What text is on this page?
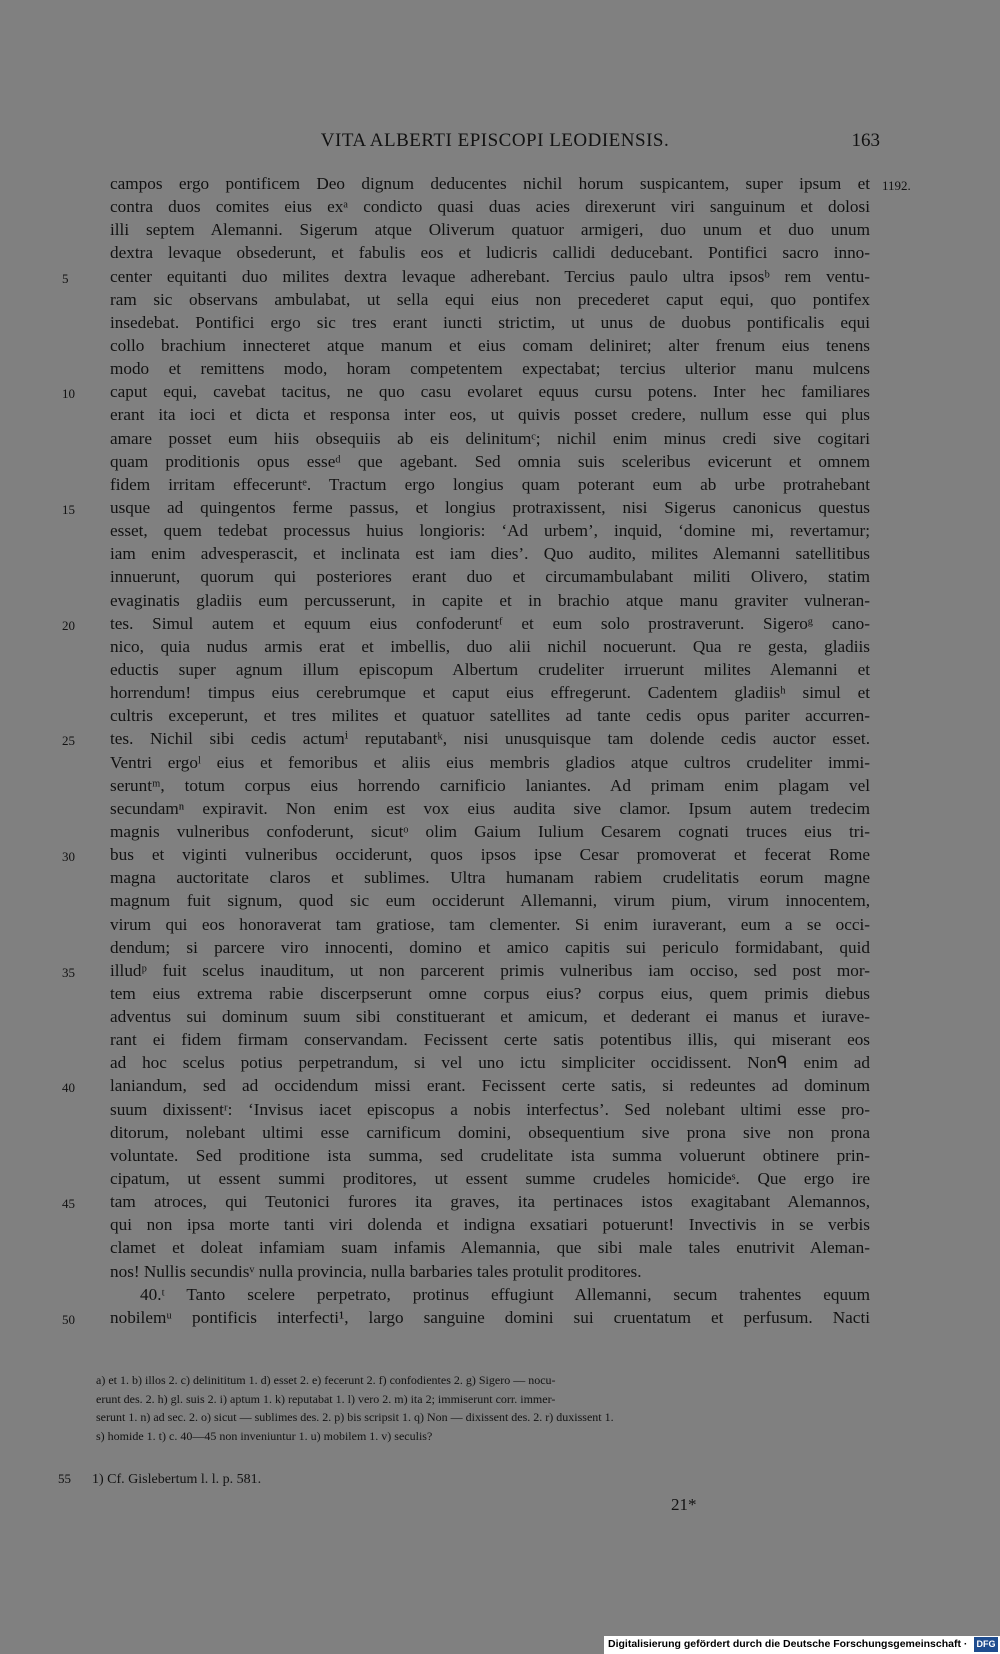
VITA ALBERTI EPISCOPI LEODIENSIS.	163
campos ergo pontificem Deo dignum deducentes nichil horum suspicantem, super ipsum et 1192.
contra duos comites eius exᵃ condicto quasi duas acies direxerunt viri sanguinum et dolosi
illi septem Alemanni. Sigerum atque Oliverum quatuor armigeri, duo unum et duo unum
dextra levaque obsederunt, et fabulis eos et ludicris callidi deducebant. Pontifici sacro inno-
5	center equitanti duo milites dextra levaque adherebant. Tercius paulo ultra ipsosᵇ rem ventu-
ram sic observans ambulabat, ut sella equi eius non precederet caput equi, quo pontifex
insedebat. Pontifici ergo sic tres erant iuncti strictim, ut unus de duobus pontificalis equi
collo brachium innecteret atque manum et eius comam deliniret; alter frenum eius tenens
modo et remittens modo, horam competentem expectabat; tercius ulterior manu mulcens
10	caput equi, cavebat tacitus, ne quo casu evolaret equus cursu potens. Inter hec familiares
erant ita ioci et dicta et responsa inter eos, ut quivis posset credere, nullum esse qui plus
amare posset eum hiis obsequiis ab eis delinitumᶜ; nichil enim minus credi sive cogitari
quam proditionis opus esseᵈ que agebant. Sed omnia suis sceleribus evicerunt et omnem
fidem irritam effeceruntᵉ. Tractum ergo longius quam poterant eum ab urbe protrahebant
15	usque ad quingentos ferme passus, et longius protraxissent, nisi Sigerus canonicus questus
esset, quem tedebat processus huius longioris: ‘Ad urbem’, inquid, ‘domine mi, revertamur;
iam enim advesperascit, et inclinata est iam dies’. Quo audito, milites Alemanni satellitibus
innuerunt, quorum qui posteriores erant duo et circumambulabant militi Olivero, statim
evaginatis gladiis eum percusserunt, in capite et in brachio atque manu graviter vulneran-
20	tes. Simul autem et equum eius confoderuntᶠ et eum solo prostraverunt. Sigeroᵍ cano-
nico, quia nudus armis erat et imbellis, duo alii nichil nocuerunt. Qua re gesta, gladiis
eductis super agnum illum episcopum Albertum crudeliter irruerunt milites Alemanni et
horrendum! timpus eius cerebrumque et caput eius effregerunt. Cadentem gladiisʰ simul et
cultris exceperunt, et tres milites et quatuor satellites ad tante cedis opus pariter accurren-
25	tes. Nichil sibi cedis actumⁱ reputabantᵏ, nisi unusquisque tam dolende cedis auctor esset.
Ventri ergoˡ eius et femoribus et aliis eius membris gladios atque cultros crudeliter immi-
seruntᵐ, totum corpus eius horrendo carnificio laniantes. Ad primam enim plagam vel
secundamⁿ expiravit. Non enim est vox eius audita sive clamor. Ipsum autem tredecim
magnis vulneribus confoderunt, sicutᵒ olim Gaium Iulium Cesarem cognati truces eius tri-
30	bus et viginti vulneribus occiderunt, quos ipsos ipse Cesar promoverat et fecerat Rome
magna auctoritate claros et sublimes. Ultra humanam rabiem crudelitatis eorum magne
magnum fuit signum, quod sic eum occiderunt Allemanni, virum pium, virum innocentem,
virum qui eos honoraverat tam gratiose, tam clementer. Si enim iuraverant, eum a se occi-
dendum; si parcere viro innocenti, domino et amico capitis sui periculo formidabant, quid
35	illudᵖ fuit scelus inauditum, ut non parcerent primis vulneribus iam occiso, sed post mor-
tem eius extrema rabie discerpserunt omne corpus eius? corpus eius, quem primis diebus
adventus sui dominum suum sibi constituerant et amicum, et dederant ei manus et iurave-
rant ei fidem firmam conservandam. Fecissent certe satis potentibus illis, qui miserant eos
ad hoc scelus potius perpetrandum, si vel uno ictu simpliciter occidissent. Nonᑫ enim ad
40	laniandum, sed ad occidendum missi erant. Fecissent certe satis, si redeuntes ad dominum
suum dixissentʳ: ‘Invisus iacet episcopus a nobis interfectus’. Sed nolebant ultimi esse pro-
ditorum, nolebant ultimi esse carnificum domini, obsequentium sive prona sive non prona
voluntate. Sed proditione ista summa, sed crudelitate ista summa voluerunt obtinere prin-
cipatum, ut essent summi proditores, ut essent summe crudeles homicideˢ. Que ergo ire
45	tam atroces, qui Teutonici furores ita graves, ita pertinaces istos exagitabant Alemannos,
qui non ipsa morte tanti viri dolenda et indigna exsatiari potuerunt! Invectivis in se verbis
clamet et doleat infamiam suam infamis Alemannia, que sibi male tales enutrivit Aleman-
nos! Nullis secundisᵛ nulla provincia, nulla barbaries tales protulit proditores.
40.ᵗ Tanto scelere perpetrato, protinus effugiunt Allemanni, secum trahentes equum
50	nobilemᵘ pontificis interfecti¹, largo sanguine domini sui cruentatum et perfusum. Nacti
a) et 1. b) illos 2. c) delinititum 1. d) esset 2. e) fecerunt 2. f) confodientes 2. g) Sigero — nocu-
erunt des. 2. h) gl. suis 2. i) aptum 1. k) reputabat 1. l) vero 2. m) ita 2; immiserunt corr. immer-
serunt 1. n) ad sec. 2. o) sicut — sublimes des. 2. p) bis scripsit 1. q) Non — dixissent des. 2. r) duxissent 1.
s) homide 1. t) c. 40—45 non inveniuntur 1. u) mobilem 1. v) seculis?
55 1) Cf. Gislebertum l. l. p. 581.
21*
Digitalisierung gefördert durch die Deutsche Forschungsgemeinschaft · DFG
